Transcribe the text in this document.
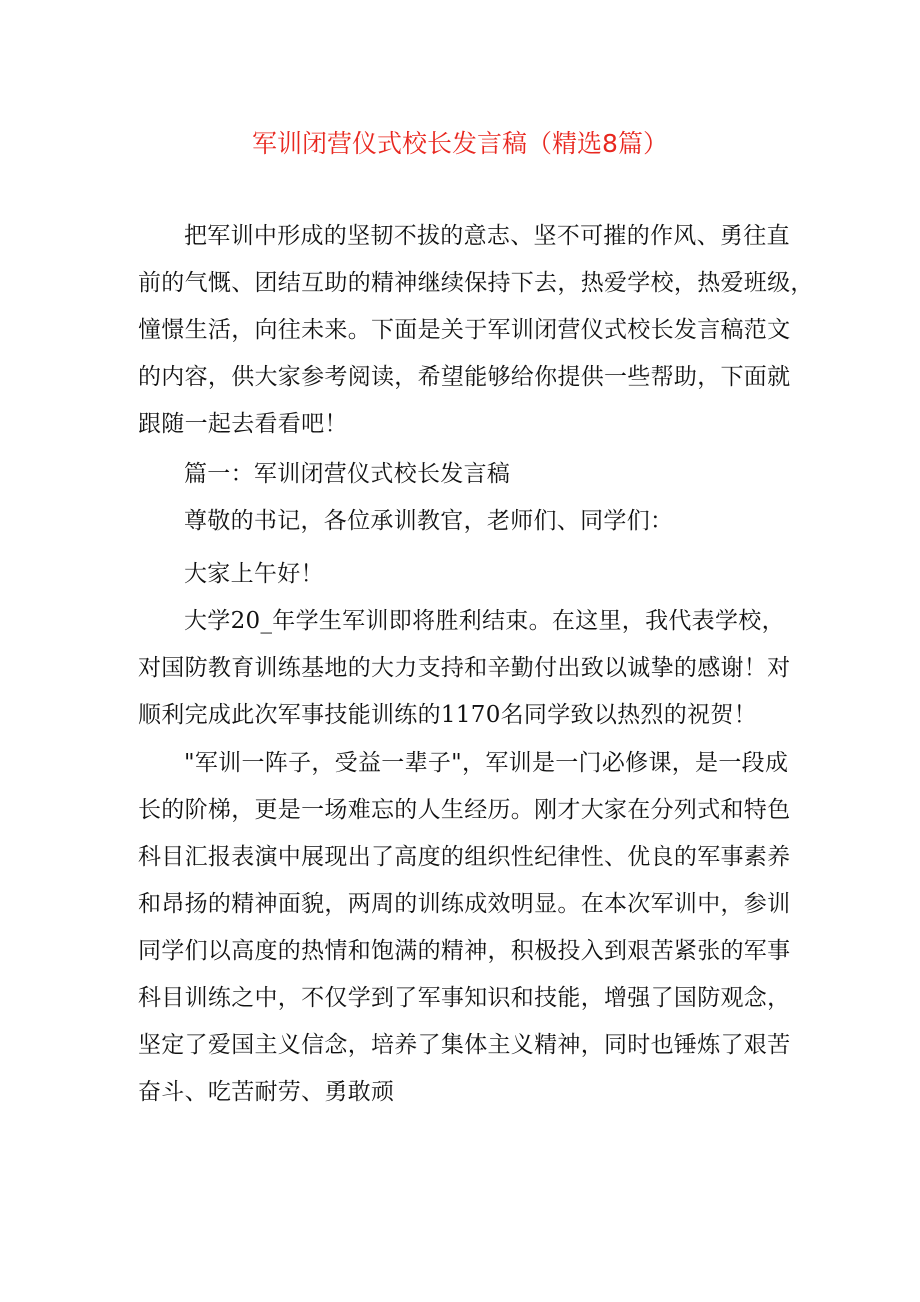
军训闭营仪式校长发言稿（精选8篇）
把军训中形成的坚韧不拔的意志、坚不可摧的作风、勇往直
前的气慨、团结互助的精神继续保持下去，热爱学校，热爱班级，
憧憬生活，向往未来。下面是关于军训闭营仪式校长发言稿范文
的内容，供大家参考阅读，希望能够给你提供一些帮助，下面就
跟随一起去看看吧！
篇一：军训闭营仪式校长发言稿
尊敬的书记，各位承训教官，老师们、同学们：
大家上午好！
大学20_年学生军训即将胜利结束。在这里，我代表学校，
对国防教育训练基地的大力支持和辛勤付出致以诚挚的感谢！对
顺利完成此次军事技能训练的1170名同学致以热烈的祝贺！
"军训一阵子，受益一辈子"，军训是一门必修课，是一段成
长的阶梯，更是一场难忘的人生经历。刚才大家在分列式和特色
科目汇报表演中展现出了高度的组织性纪律性、优良的军事素养
和昂扬的精神面貌，两周的训练成效明显。在本次军训中，参训
同学们以高度的热情和饱满的精神，积极投入到艰苦紧张的军事
科目训练之中，不仅学到了军事知识和技能，增强了国防观念，
坚定了爱国主义信念，培养了集体主义精神，同时也锤炼了艰苦
奋斗、吃苦耐劳、勇敢顽
